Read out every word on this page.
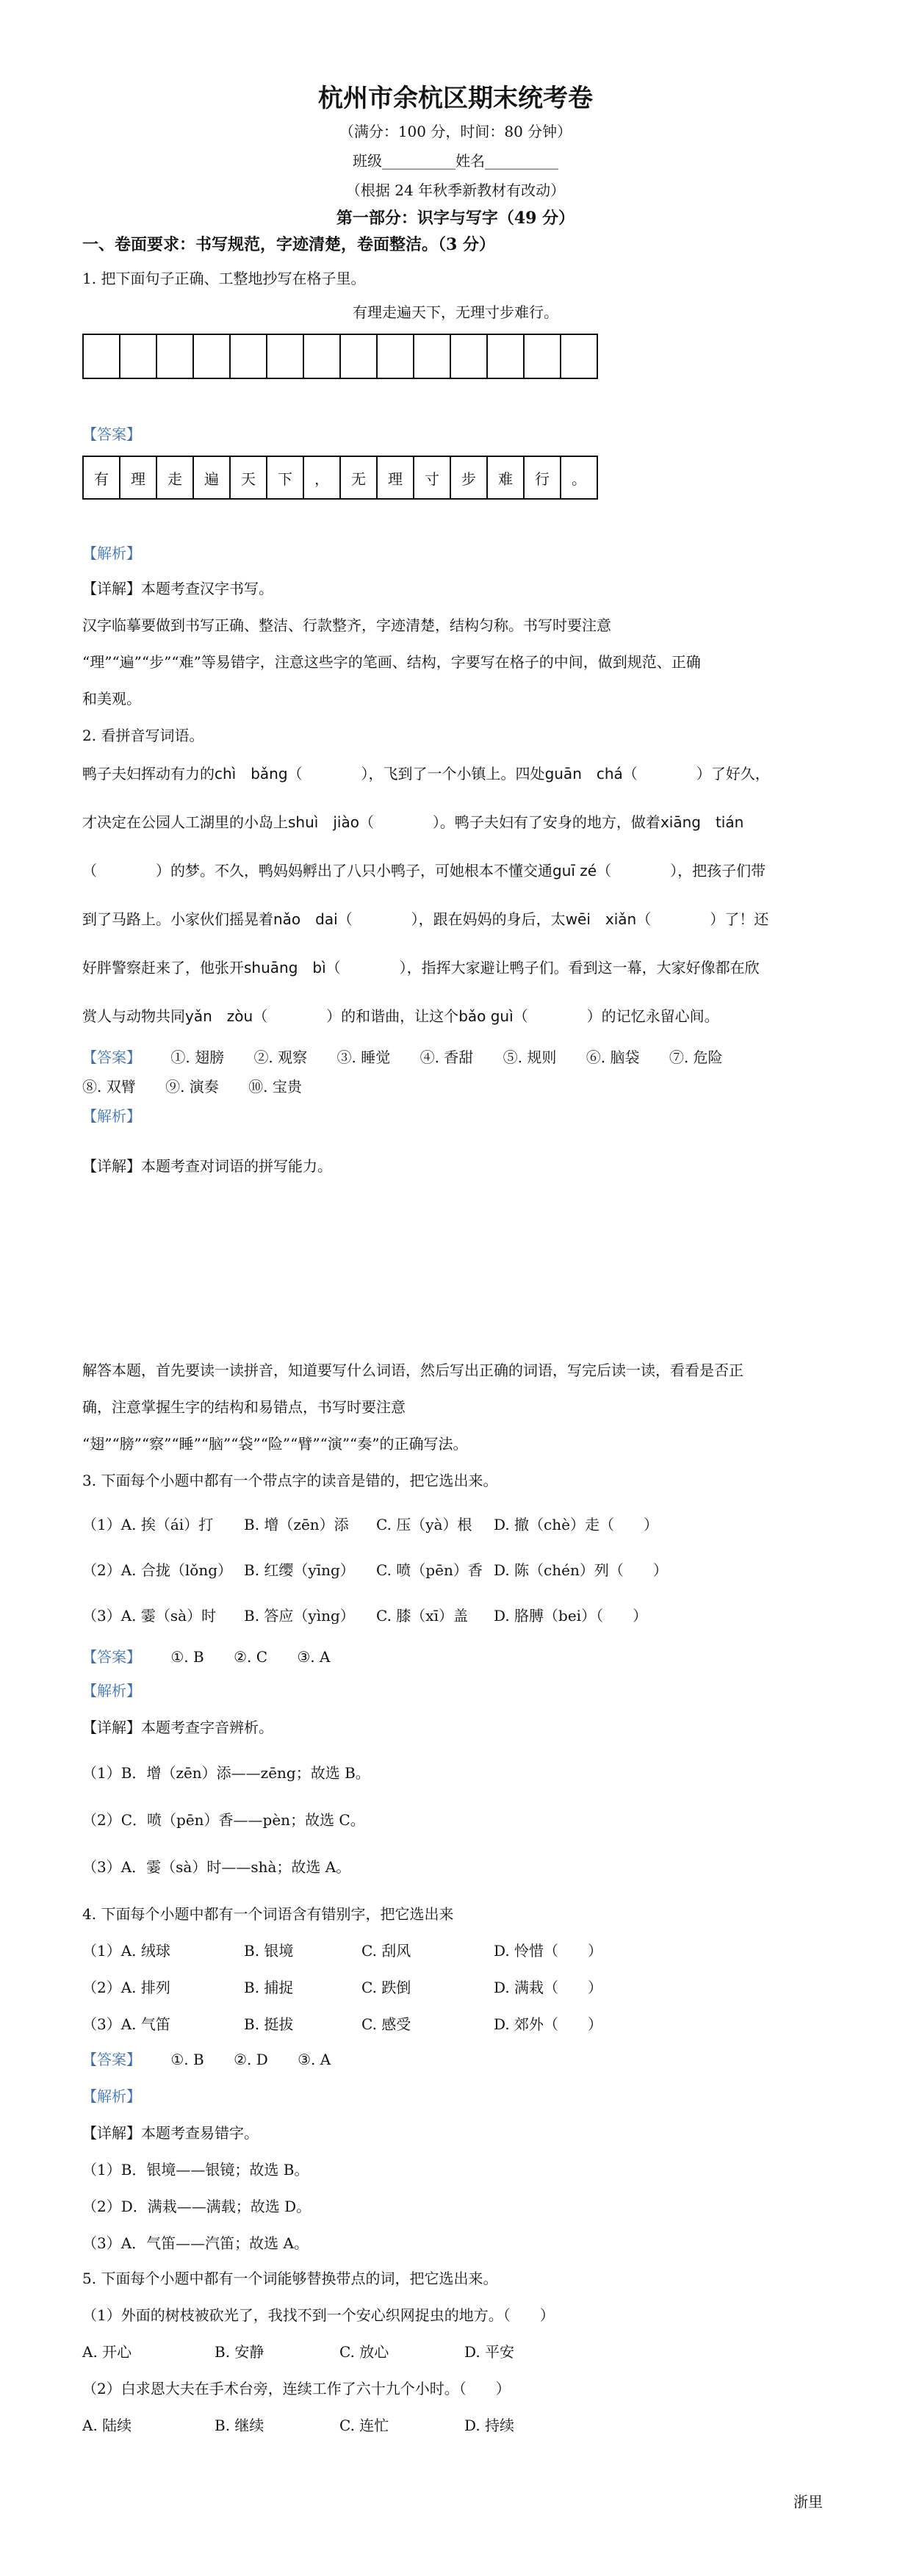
杭州市余杭区期末统考卷
（满分：100 分，时间：80 分钟）
班级__________姓名__________
（根据 24 年秋季新教材有改动）
第一部分：识字与写字（49 分）
一、卷面要求：书写规范，字迹清楚，卷面整洁。（3 分）
1. 把下面句子正确、工整地抄写在格子里。
有理走遍天下，无理寸步难行。
【答案】
有	理	走	遍	天	下	，	无	理	寸	步	难	行	。
【解析】
【详解】本题考查汉字书写。
汉字临摹要做到书写正确、整洁、行款整齐，字迹清楚，结构匀称。书写时要注意
“理”“遍”“步”“难”等易错字，注意这些字的笔画、结构，字要写在格子的中间，做到规范、正确
和美观。
2. 看拼音写词语。
鸭子夫妇挥动有力的chì　bǎng（　　　　），飞到了一个小镇上。四处guān　chá（　　　　）了好久，
才决定在公园人工湖里的小岛上shuì　jiào（　　　　）。鸭子夫妇有了安身的地方，做着xiāng　tián
（　　　　）的梦。不久，鸭妈妈孵出了八只小鸭子，可她根本不懂交通guī zé（　　　　），把孩子们带
到了马路上。小家伙们摇晃着nǎo　dai（　　　　），跟在妈妈的身后，太wēi　xiǎn（　　　　）了！还
好胖警察赶来了，他张开shuāng　bì（　　　　），指挥大家避让鸭子们。看到这一幕，大家好像都在欣
赏人与动物共同yǎn　zòu（　　　　）的和谐曲，让这个bǎo guì（　　　　）的记忆永留心间。
【答案】 ①. 翅膀 ②. 观察 ③. 睡觉 ④. 香甜 ⑤. 规则 ⑥. 脑袋 ⑦. 危险
⑧. 双臂 ⑨. 演奏 ⑩. 宝贵
【解析】
【详解】本题考查对词语的拼写能力。
解答本题，首先要读一读拼音，知道要写什么词语，然后写出正确的词语，写完后读一读，看看是否正
确，注意掌握生字的结构和易错点，书写时要注意
“翅”“膀”“察”“睡”“脑”“袋”“险”“臂”“演”“奏”的正确写法。
3. 下面每个小题中都有一个带点字的读音是错的，把它选出来。
（1）A. 挨（ái）打 B. 增（zēn）添 C. 压（yà）根 D. 撤（chè）走（　　）
（2）A. 合拢（lǒng） B. 红缨（yīng） C. 喷（pēn）香 D. 陈（chén）列（　　）
（3）A. 霎（sà）时 B. 答应（yìng） C. 膝（xī）盖 D. 胳膊（bei）（　　）
【答案】 ①. B ②. C ③. A
【解析】
【详解】本题考查字音辨析。
（1）B．增（zēn）添——zēng；故选 B。
（2）C．喷（pēn）香——pèn；故选 C。
（3）A．霎（sà）时——shà；故选 A。
4. 下面每个小题中都有一个词语含有错别字，把它选出来
（1）A. 绒球	B. 银境	C. 刮风	D. 怜惜（　　）
（2）A. 排列	B. 捕捉	C. 跌倒	D. 满栽（　　）
（3）A. 气笛	B. 挺拔	C. 感受	D. 郊外（　　）
【答案】 ①. B ②. D ③. A
【解析】
【详解】本题考查易错字。
（1）B．银境——银镜；故选 B。
（2）D．满栽——满载；故选 D。
（3）A．气笛——汽笛；故选 A。
5. 下面每个小题中都有一个词能够替换带点的词，把它选出来。
（1）外面的树枝被砍光了，我找不到一个安心织网捉虫的地方。（　　）
A. 开心	B. 安静	C. 放心	D. 平安
（2）白求恩大夫在手术台旁，连续工作了六十九个小时。（　　）
A. 陆续	B. 继续	C. 连忙	D. 持续
浙里
